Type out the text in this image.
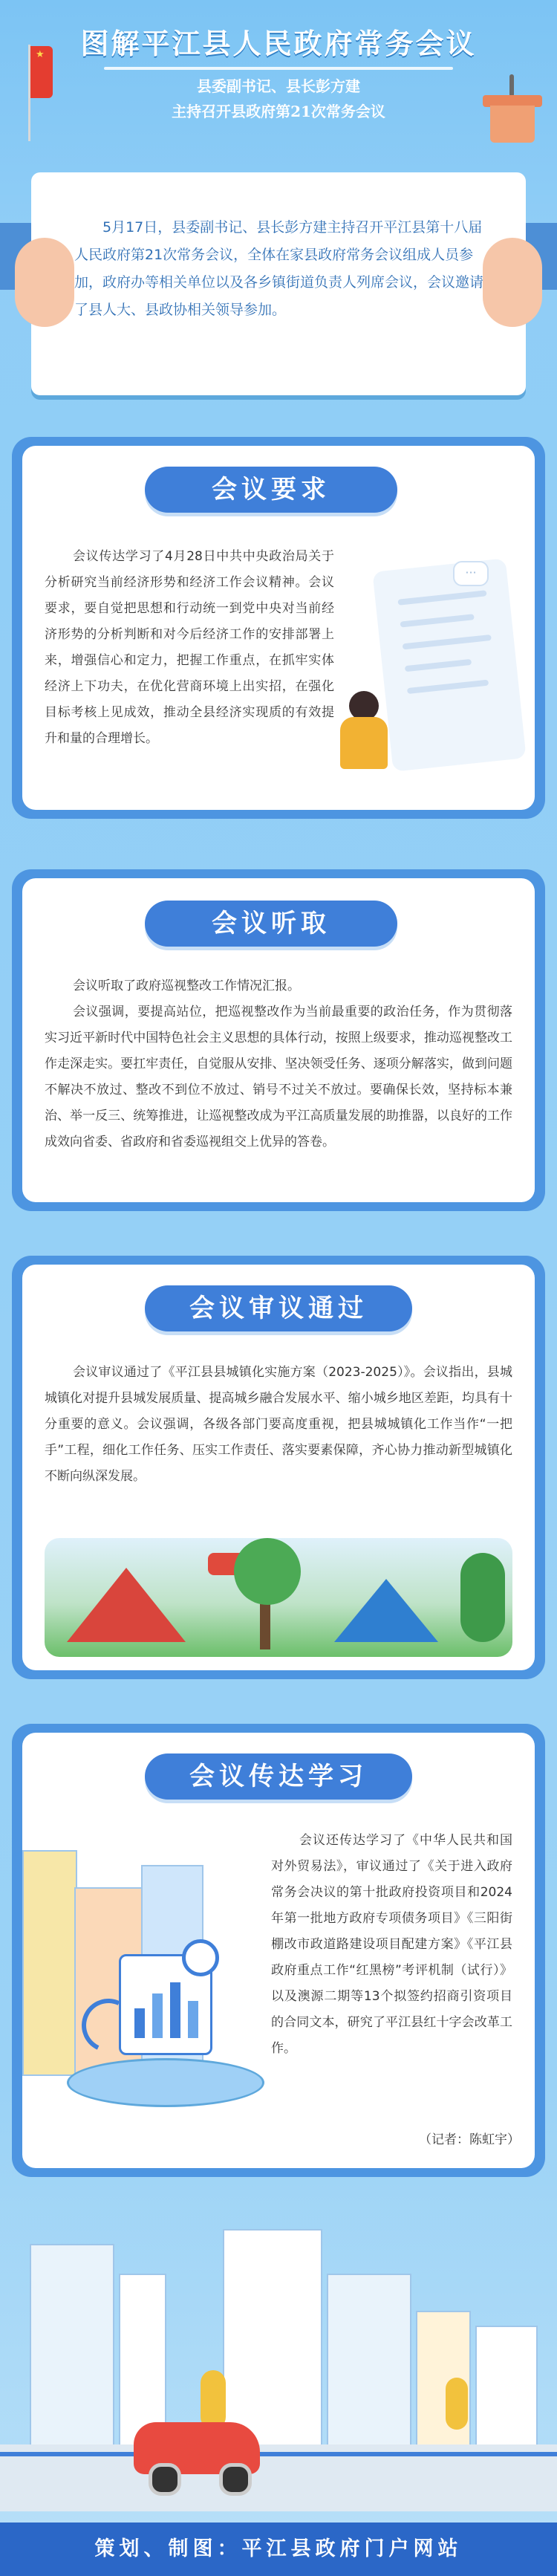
图解平江县人民政府常务会议
县委副书记、县长彭方建
主持召开县政府第21次常务会议
★
5月17日，县委副书记、县长彭方建主持召开平江县第十八届人民政府第21次常务会议，全体在家县政府常务会议组成人员参加，政府办等相关单位以及各乡镇街道负责人列席会议，会议邀请了县人大、县政协相关领导参加。
会议要求
会议传达学习了4月28日中共中央政治局关于分析研究当前经济形势和经济工作会议精神。会议要求，要自觉把思想和行动统一到党中央对当前经济形势的分析判断和对今后经济工作的安排部署上来，增强信心和定力，把握工作重点，在抓牢实体经济上下功夫，在优化营商环境上出实招，在强化目标考核上见成效，推动全县经济实现质的有效提升和量的合理增长。
···
会议听取
会议听取了政府巡视整改工作情况汇报。
会议强调，要提高站位，把巡视整改作为当前最重要的政治任务，作为贯彻落实习近平新时代中国特色社会主义思想的具体行动，按照上级要求，推动巡视整改工作走深走实。要扛牢责任，自觉服从安排、坚决领受任务、逐项分解落实，做到问题不解决不放过、整改不到位不放过、销号不过关不放过。要确保长效，坚持标本兼治、举一反三、统筹推进，让巡视整改成为平江高质量发展的助推器，以良好的工作成效向省委、省政府和省委巡视组交上优异的答卷。
会议审议通过
会议审议通过了《平江县县城镇化实施方案（2023-2025）》。会议指出，县城城镇化对提升县城发展质量、提高城乡融合发展水平、缩小城乡地区差距，均具有十分重要的意义。会议强调，各级各部门要高度重视，把县城城镇化工作当作“一把手”工程，细化工作任务、压实工作责任、落实要素保障，齐心协力推动新型城镇化不断向纵深发展。
会议传达学习
会议还传达学习了《中华人民共和国对外贸易法》，审议通过了《关于进入政府常务会决议的第十批政府投资项目和2024年第一批地方政府专项债务项目》《三阳街棚改市政道路建设项目配建方案》《平江县政府重点工作“红黑榜”考评机制（试行）》以及澳源二期等13个拟签约招商引资项目的合同文本，研究了平江县红十字会改革工作。
（记者：陈虹宇）
策划、制图：平江县政府门户网站
